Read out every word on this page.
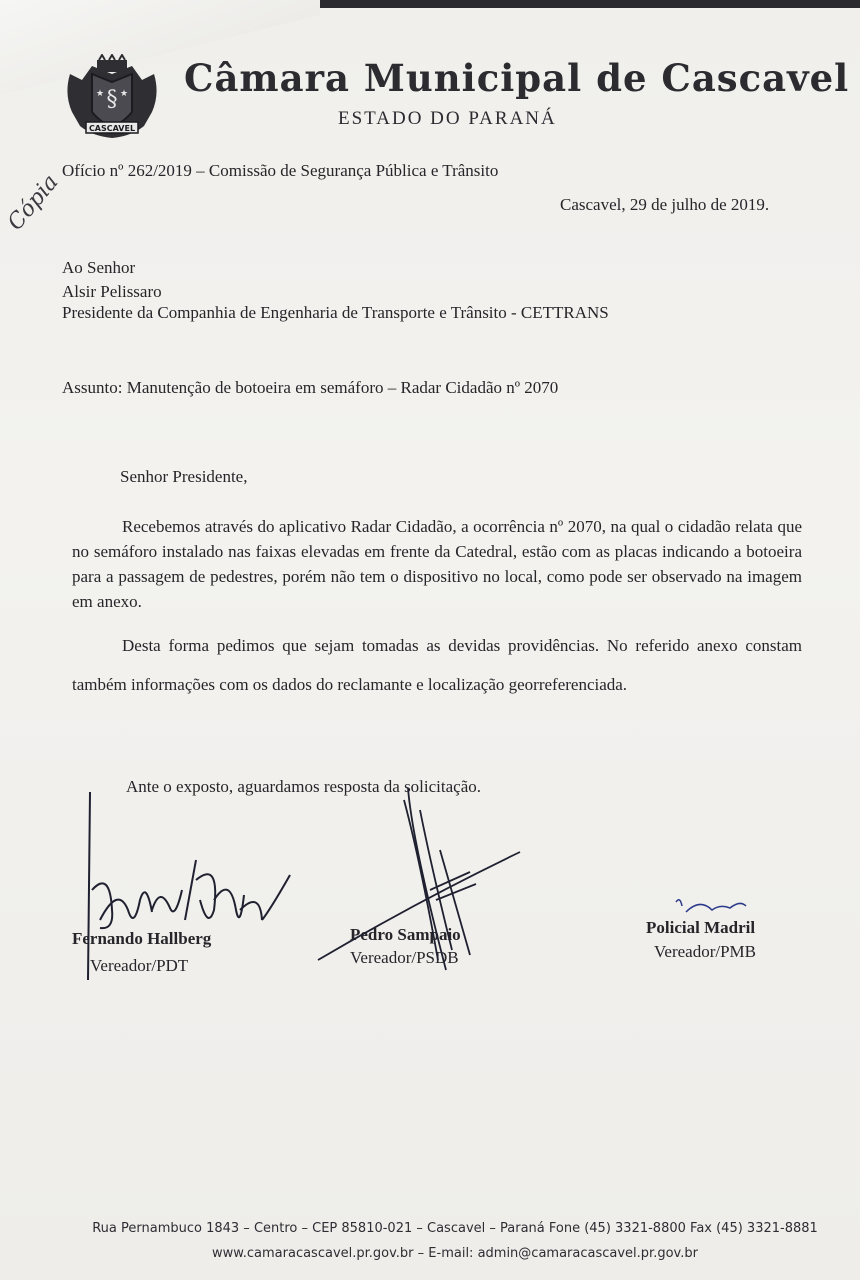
§
★ ★
CASCAVEL
Câmara Municipal de Cascavel
ESTADO DO PARANÁ
Cópia
Ofício nº 262/2019 – Comissão de Segurança Pública e Trânsito
Cascavel, 29 de julho de 2019.
Ao Senhor
Alsir Pelissaro
Presidente da Companhia de Engenharia de Transporte e Trânsito - CETTRANS
Assunto: Manutenção de botoeira em semáforo – Radar Cidadão nº 2070
Senhor Presidente,
Recebemos através do aplicativo Radar Cidadão, a ocorrência nº 2070, na qual o cidadão relata que no semáforo instalado nas faixas elevadas em frente da Catedral, estão com as placas indicando a botoeira para a passagem de pedestres, porém não tem o dispositivo no local, como pode ser observado na imagem em anexo.
Desta forma pedimos que sejam tomadas as devidas providências. No referido anexo constam também informações com os dados do reclamante e localização georreferenciada.
Ante o exposto, aguardamos resposta da solicitação.
Fernando Hallberg
Vereador/PDT
Pedro Sampaio
Vereador/PSDB
Policial Madril
Vereador/PMB
Rua Pernambuco 1843 – Centro – CEP 85810-021 – Cascavel – Paraná Fone (45) 3321-8800 Fax (45) 3321-8881
www.camaracascavel.pr.gov.br – E-mail: admin@camaracascavel.pr.gov.br
